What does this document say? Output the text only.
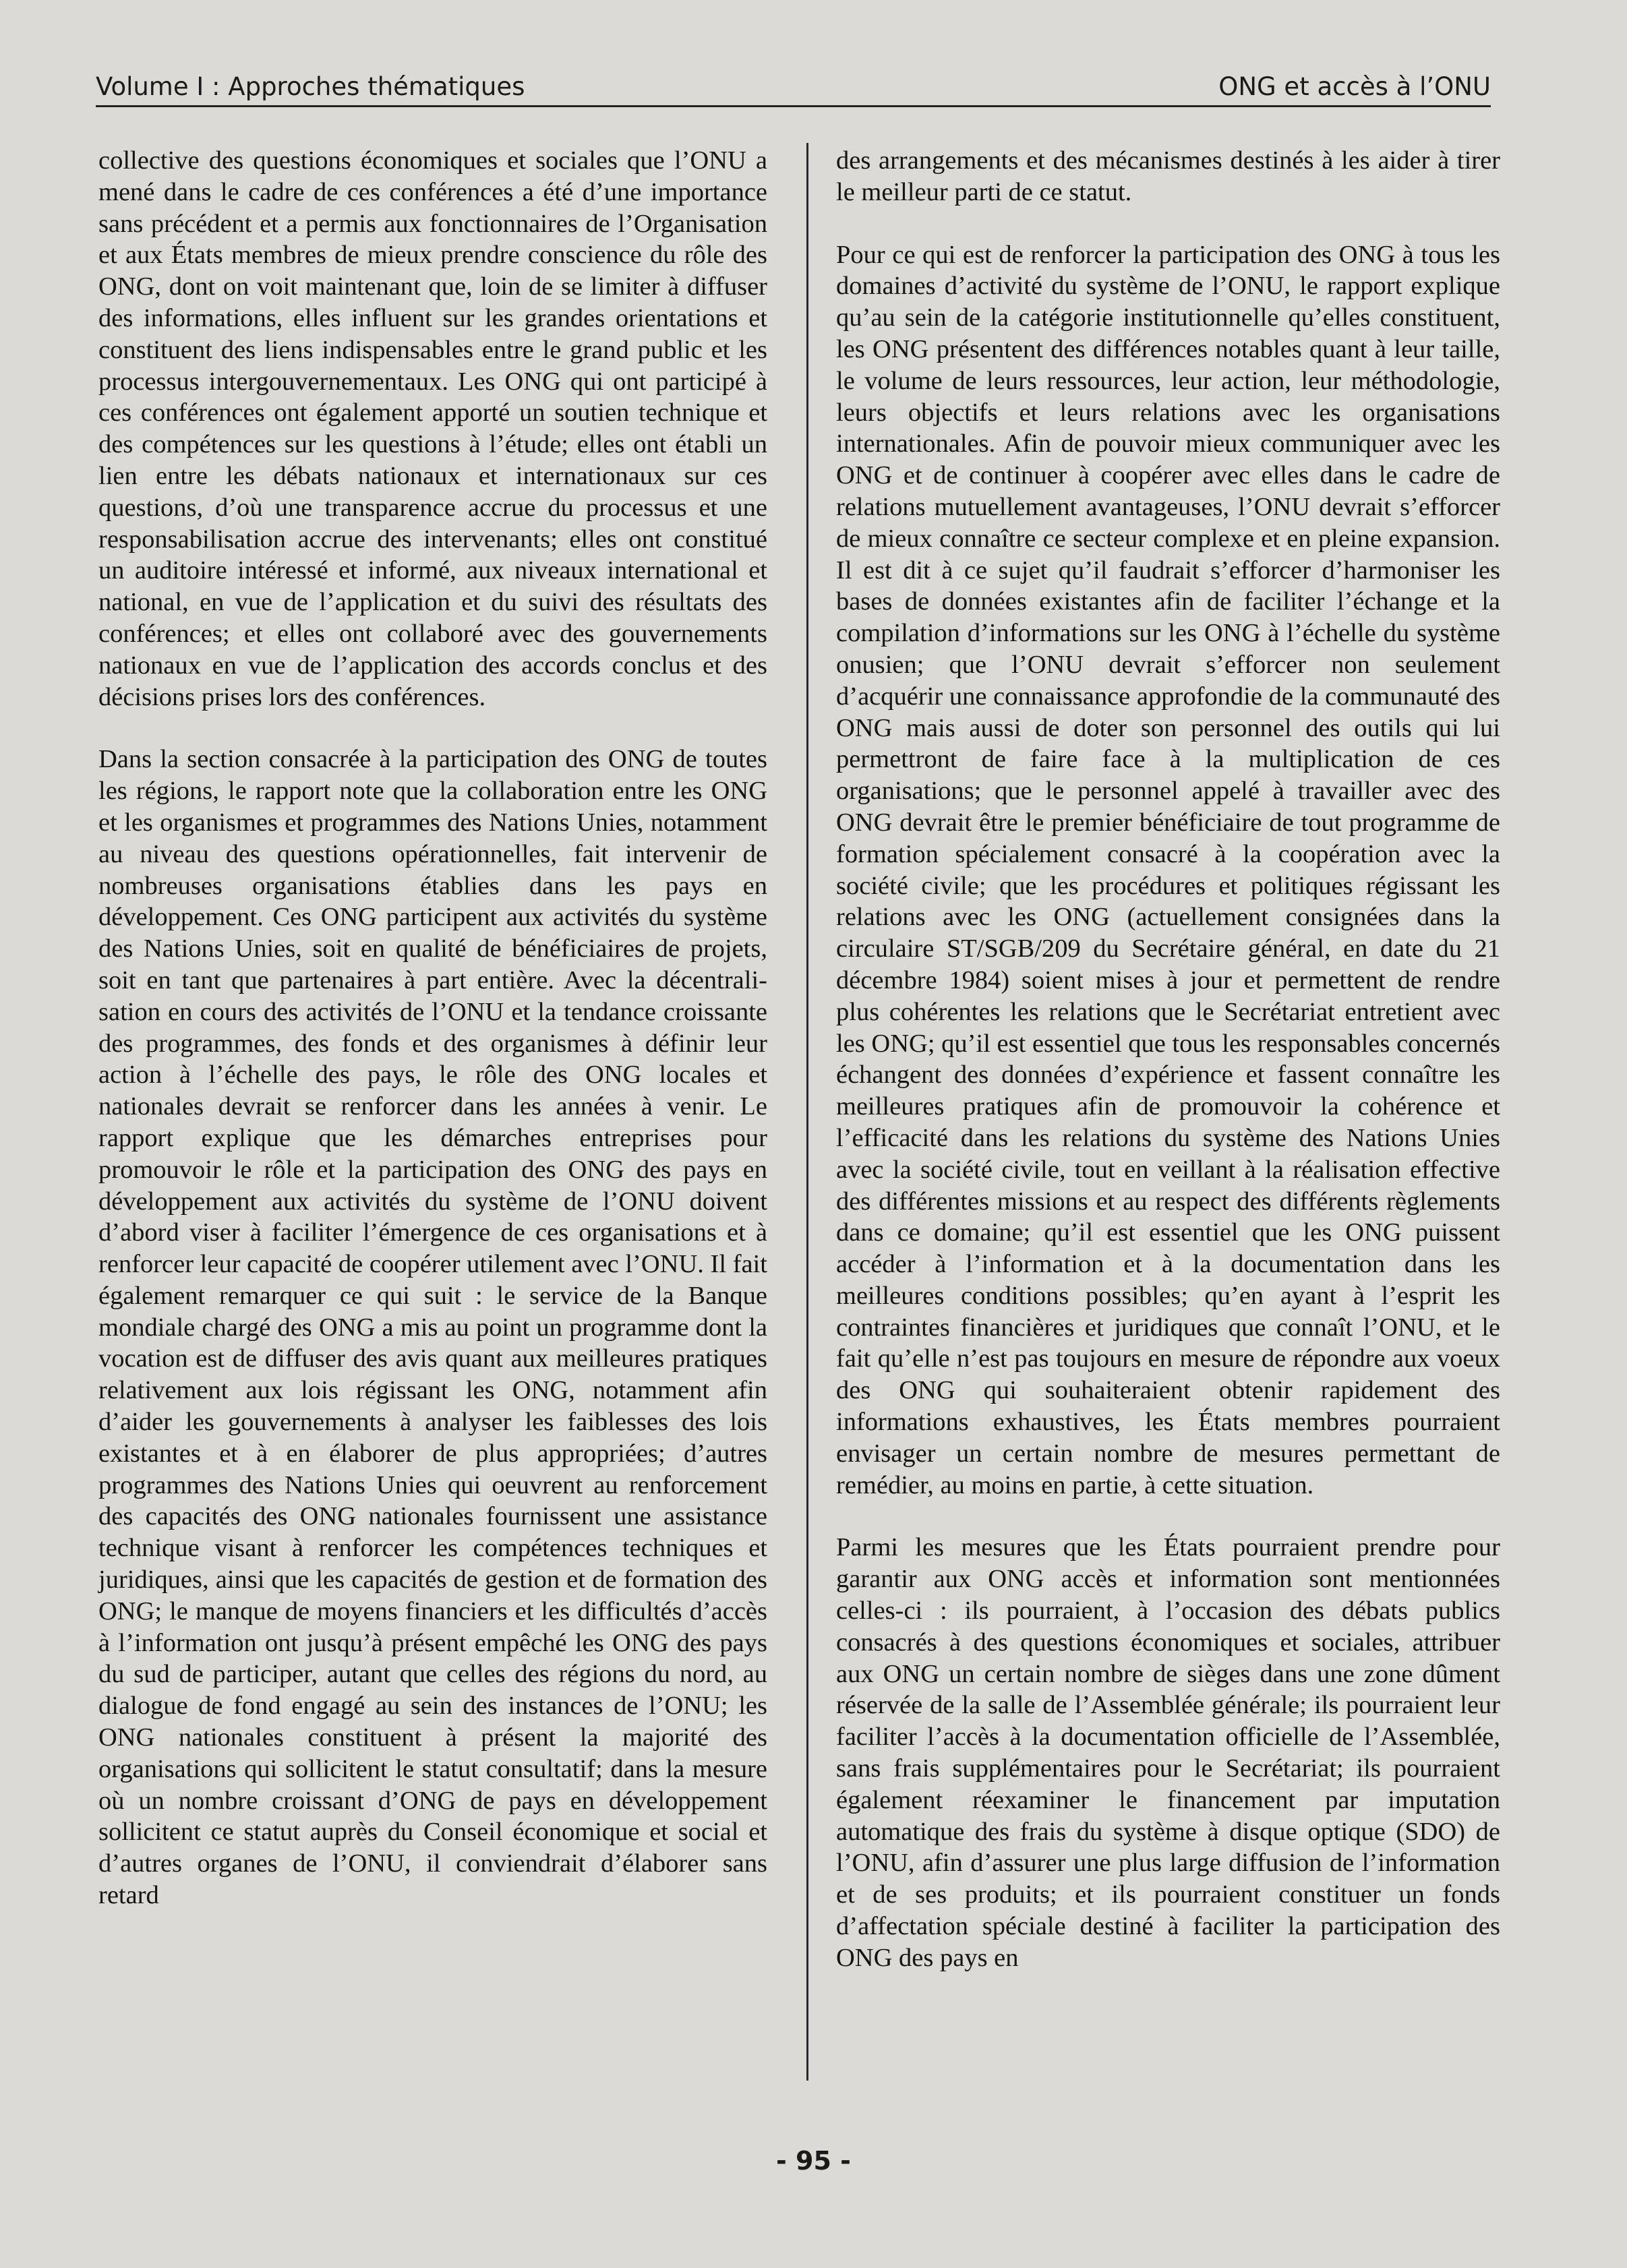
Volume I : Approches thématiques	ONG et accès à l’ONU

collective des questions économiques et sociales que l’ONU a mené dans le cadre de ces conférences a été d’une importance sans précédent et a permis aux fonctionnaires de l’Organisation et aux États membres de mieux prendre conscience du rôle des ONG, dont on voit maintenant que, loin de se limiter à diffuser des informations, elles influent sur les grandes orientations et constituent des liens indispensables entre le grand public et les processus intergouvernementaux. Les ONG qui ont participé à ces conférences ont également apporté un soutien technique et des compétences sur les questions à l’étude; elles ont établi un lien entre les débats nationaux et internationaux sur ces questions, d’où une transparence accrue du processus et une responsabilisation accrue des intervenants; elles ont constitué un auditoire intéressé et informé, aux niveaux international et national, en vue de l’application et du suivi des résultats des conférences; et elles ont collaboré avec des gouvernements nationaux en vue de l’application des accords conclus et des décisions prises lors des conférences.

Dans la section consacrée à la participation des ONG de toutes les régions, le rapport note que la collaboration entre les ONG et les organismes et programmes des Nations Unies, notamment au niveau des questions opérationnelles, fait intervenir de nombreuses organisations établies dans les pays en développement. Ces ONG participent aux activités du système des Nations Unies, soit en qualité de bénéficiaires de projets, soit en tant que partenaires à part entière. Avec la décentralisation en cours des activités de l’ONU et la tendance croissante des programmes, des fonds et des organismes à définir leur action à l’échelle des pays, le rôle des ONG locales et nationales devrait se renforcer dans les années à venir. Le rapport explique que les démarches entreprises pour promouvoir le rôle et la participation des ONG des pays en développement aux activités du système de l’ONU doivent d’abord viser à faciliter l’émergence de ces organisations et à renforcer leur capacité de coopérer utilement avec l’ONU. Il fait également remarquer ce qui suit : le service de la Banque mondiale chargé des ONG a mis au point un programme dont la vocation est de diffuser des avis quant aux meilleures pratiques relativement aux lois régissant les ONG, notamment afin d’aider les gouvernements à analyser les faiblesses des lois existantes et à en élaborer de plus appropriées; d’autres programmes des Nations Unies qui oeuvrent au renforcement des capacités des ONG nationales fournissent une assistance technique visant à renforcer les compétences techniques et juridiques, ainsi que les capacités de gestion et de formation des ONG; le manque de moyens financiers et les difficultés d’accès à l’information ont jusqu’à présent empêché les ONG des pays du sud de participer, autant que celles des régions du nord, au dialogue de fond engagé au sein des instances de l’ONU; les ONG nationales constituent à présent la majorité des organisations qui sollicitent le statut consultatif; dans la mesure où un nombre croissant d’ONG de pays en développement sollicitent ce statut auprès du Conseil économique et social et d’autres organes de l’ONU, il conviendrait d’élaborer sans retard

des arrangements et des mécanismes destinés à les aider à tirer le meilleur parti de ce statut.

Pour ce qui est de renforcer la participation des ONG à tous les domaines d’activité du système de l’ONU, le rapport explique qu’au sein de la catégorie institutionnelle qu’elles constituent, les ONG présentent des différences notables quant à leur taille, le volume de leurs ressources, leur action, leur méthodologie, leurs objectifs et leurs relations avec les organisations internationales. Afin de pouvoir mieux communiquer avec les ONG et de continuer à coopérer avec elles dans le cadre de relations mutuellement avantageuses, l’ONU devrait s’efforcer de mieux connaître ce secteur complexe et en pleine expansion. Il est dit à ce sujet qu’il faudrait s’efforcer d’harmoniser les bases de données existantes afin de faciliter l’échange et la compilation d’informations sur les ONG à l’échelle du système onusien; que l’ONU devrait s’efforcer non seulement d’acquérir une connaissance approfondie de la communauté des ONG mais aussi de doter son personnel des outils qui lui permettront de faire face à la multiplication de ces organisations; que le personnel appelé à travailler avec des ONG devrait être le premier bénéficiaire de tout programme de formation spécialement consacré à la coopération avec la société civile; que les procédures et politiques régissant les relations avec les ONG (actuellement consignées dans la circulaire ST/SGB/209 du Secrétaire général, en date du 21 décembre 1984) soient mises à jour et permettent de rendre plus cohérentes les relations que le Secrétariat entretient avec les ONG; qu’il est essentiel que tous les responsables concernés échangent des données d’expérience et fassent connaître les meilleures pratiques afin de promouvoir la cohérence et l’efficacité dans les relations du système des Nations Unies avec la société civile, tout en veillant à la réalisation effective des différentes missions et au respect des différents règlements dans ce domaine; qu’il est essentiel que les ONG puissent accéder à l’information et à la documentation dans les meilleures conditions possibles; qu’en ayant à l’esprit les contraintes financières et juridiques que connaît l’ONU, et le fait qu’elle n’est pas toujours en mesure de répondre aux voeux des ONG qui souhaiteraient obtenir rapidement des informations exhaustives, les États membres pourraient envisager un certain nombre de mesures permettant de remédier, au moins en partie, à cette situation.

Parmi les mesures que les États pourraient prendre pour garantir aux ONG accès et information sont mentionnées celles-ci : ils pourraient, à l’occasion des débats publics consacrés à des questions économiques et sociales, attribuer aux ONG un certain nombre de sièges dans une zone dûment réservée de la salle de l’Assemblée générale; ils pourraient leur faciliter l’accès à la documentation officielle de l’Assemblée, sans frais supplémentaires pour le Secrétariat; ils pourraient également réexaminer le financement par imputation automatique des frais du système à disque optique (SDO) de l’ONU, afin d’assurer une plus large diffusion de l’information et de ses produits; et ils pourraient constituer un fonds d’affectation spéciale destiné à faciliter la participation des ONG des pays en

- 95 -
